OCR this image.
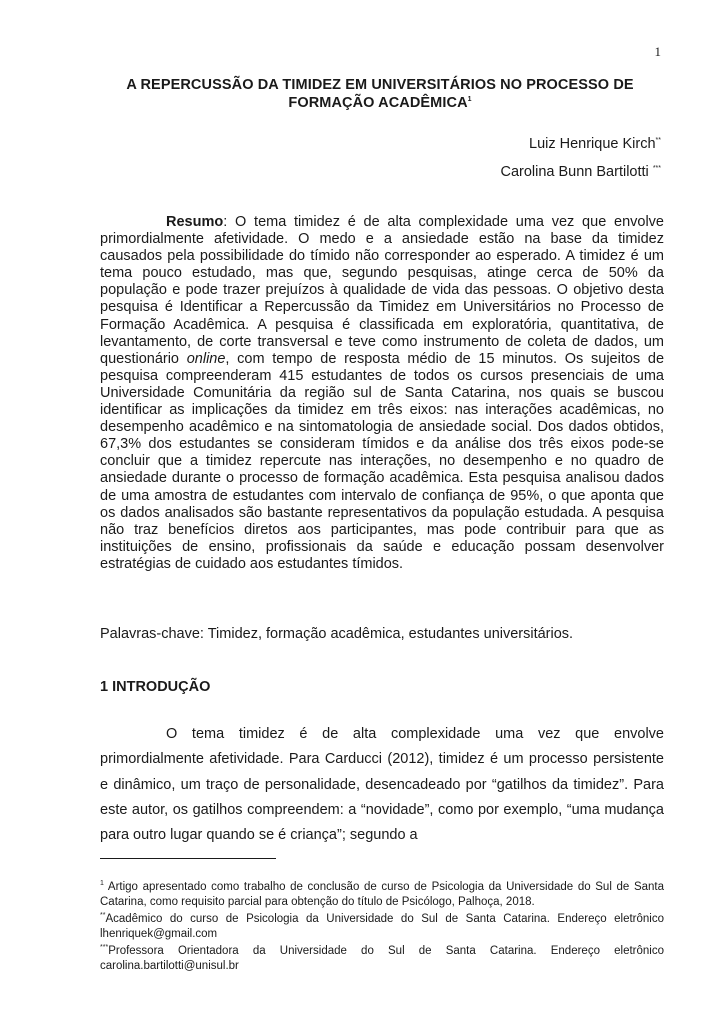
1
A REPERCUSSÃO DA TIMIDEZ EM UNIVERSITÁRIOS NO PROCESSO DE FORMAÇÃO ACADÊMICA$^1$
Luiz Henrique Kirch**
Carolina Bunn Bartilotti ***

Resumo: O tema timidez é de alta complexidade uma vez que envolve primordialmente afetividade. O medo e a ansiedade estão na base da timidez causados pela possibilidade do tímido não corresponder ao esperado. A timidez é um tema pouco estudado, mas que, segundo pesquisas, atinge cerca de 50% da população e pode trazer prejuízos à qualidade de vida das pessoas. O objetivo desta pesquisa é Identificar a Repercussão da Timidez em Universitários no Processo de Formação Acadêmica. A pesquisa é classificada em exploratória, quantitativa, de levantamento, de corte transversal e teve como instrumento de coleta de dados, um questionário online, com tempo de resposta médio de 15 minutos. Os sujeitos de pesquisa compreenderam 415 estudantes de todos os cursos presenciais de uma Universidade Comunitária da região sul de Santa Catarina, nos quais se buscou identificar as implicações da timidez em três eixos: nas interações acadêmicas, no desempenho acadêmico e na sintomatologia de ansiedade social. Dos dados obtidos, 67,3% dos estudantes se consideram tímidos e da análise dos três eixos pode-se concluir que a timidez repercute nas interações, no desempenho e no quadro de ansiedade durante o processo de formação acadêmica. Esta pesquisa analisou dados de uma amostra de estudantes com intervalo de confiança de 95%, o que aponta que os dados analisados são bastante representativos da população estudada. A pesquisa não traz benefícios diretos aos participantes, mas pode contribuir para que as instituições de ensino, profissionais da saúde e educação possam desenvolver estratégias de cuidado aos estudantes tímidos.

Palavras-chave: Timidez, formação acadêmica, estudantes universitários.

1 INTRODUÇÃO

O tema timidez é de alta complexidade uma vez que envolve primordialmente afetividade. Para Carducci (2012), timidez é um processo persistente e dinâmico, um traço de personalidade, desencadeado por “gatilhos da timidez”. Para este autor, os gatilhos compreendem: a “novidade”, como por exemplo, “uma mudança para outro lugar quando se é criança”; segundo a

$^1$ Artigo apresentado como trabalho de conclusão de curso de Psicologia da Universidade do Sul de Santa Catarina, como requisito parcial para obtenção do título de Psicólogo, Palhoça, 2018.

**Acadêmico do curso de Psicologia da Universidade do Sul de Santa Catarina. Endereço eletrônico lhenriquek@gmail.com

***Professora Orientadora da Universidade do Sul de Santa Catarina. Endereço eletrônico carolina.bartilotti@unisul.br
